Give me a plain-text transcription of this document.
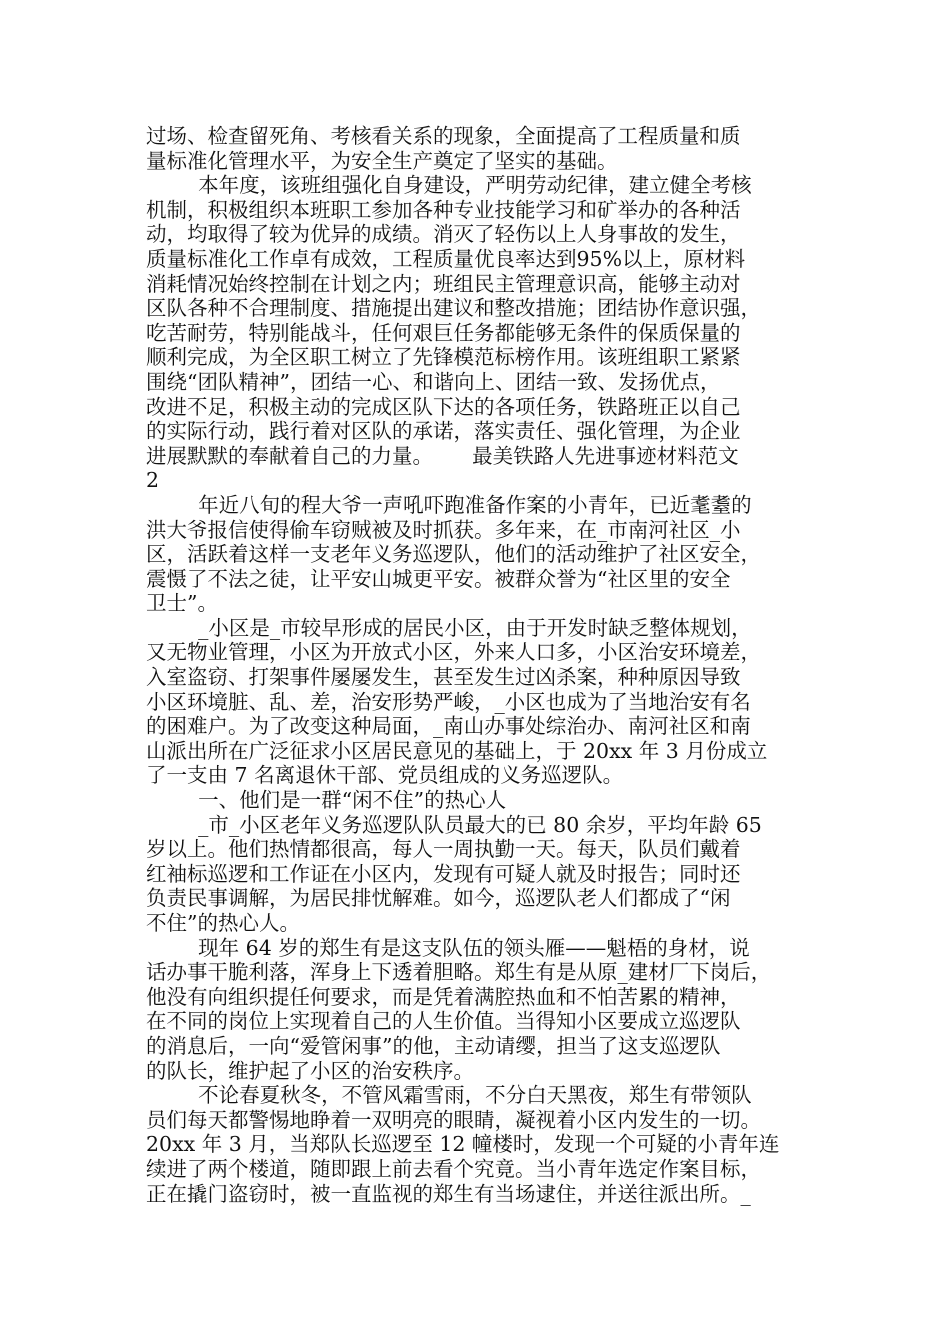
过场、检查留死角、考核看关系的现象，全面提高了工程质量和质
量标准化管理水平，为安全生产奠定了坚实的基础。
本年度，该班组强化自身建设，严明劳动纪律，建立健全考核
机制，积极组织本班职工参加各种专业技能学习和矿举办的各种活
动，均取得了较为优异的成绩。消灭了轻伤以上人身事故的发生，
质量标准化工作卓有成效，工程质量优良率达到95%以上，原材料
消耗情况始终控制在计划之内；班组民主管理意识高，能够主动对
区队各种不合理制度、措施提出建议和整改措施；团结协作意识强，
吃苦耐劳，特别能战斗，任何艰巨任务都能够无条件的保质保量的
顺利完成，为全区职工树立了先锋模范标榜作用。该班组职工紧紧
围绕“团队精神”，团结一心、和谐向上、团结一致、发扬优点，
改进不足，积极主动的完成区队下达的各项任务，铁路班正以自己
的实际行动，践行着对区队的承诺，落实责任、强化管理，为企业
进展默默的奉献着自己的力量。      最美铁路人先进事迹材料范文
2
年近八旬的程大爷一声吼吓跑准备作案的小青年，已近耄耋的
洪大爷报信使得偷车窃贼被及时抓获。多年来，在_市南河社区_小
区，活跃着这样一支老年义务巡逻队，他们的活动维护了社区安全，
震慑了不法之徒，让平安山城更平安。被群众誉为“社区里的安全
卫士”。
_小区是_市较早形成的居民小区，由于开发时缺乏整体规划，
又无物业管理，小区为开放式小区，外来人口多，小区治安环境差，
入室盗窃、打架事件屡屡发生，甚至发生过凶杀案，种种原因导致
小区环境脏、乱、差，治安形势严峻，_小区也成为了当地治安有名
的困难户。为了改变这种局面，_南山办事处综治办、南河社区和南
山派出所在广泛征求小区居民意见的基础上，于 20xx 年 3 月份成立
了一支由 7 名离退休干部、党员组成的义务巡逻队。
一、他们是一群“闲不住”的热心人
_市_小区老年义务巡逻队队员最大的已 80 余岁，平均年龄 65
岁以上。他们热情都很高，每人一周执勤一天。每天，队员们戴着
红袖标巡逻和工作证在小区内，发现有可疑人就及时报告；同时还
负责民事调解，为居民排忧解难。如今，巡逻队老人们都成了“闲
不住”的热心人。
现年 64 岁的郑生有是这支队伍的领头雁——魁梧的身材，说
话办事干脆利落，浑身上下透着胆略。郑生有是从原_建材厂下岗后，
他没有向组织提任何要求，而是凭着满腔热血和不怕苦累的精神，
在不同的岗位上实现着自己的人生价值。当得知小区要成立巡逻队
的消息后，一向“爱管闲事”的他，主动请缨，担当了这支巡逻队
的队长，维护起了小区的治安秩序。
不论春夏秋冬，不管风霜雪雨，不分白天黑夜，郑生有带领队
员们每天都警惕地睁着一双明亮的眼睛，凝视着小区内发生的一切。
20xx 年 3 月，当郑队长巡逻至 12 幢楼时，发现一个可疑的小青年连
续进了两个楼道，随即跟上前去看个究竟。当小青年选定作案目标，
正在撬门盗窃时，被一直监视的郑生有当场逮住，并送往派出所。_
